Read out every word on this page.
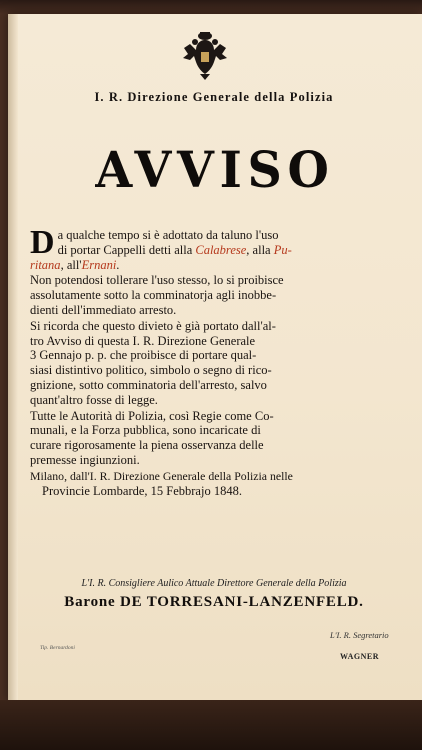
I. R. Direzione Generale della Polizia
AVVISO
D a qualche tempo si è adottato da taluno l'uso
di portar Cappelli detti alla Calabrese, alla Pu-
ritana, all'Ernani.
Non potendosi tollerare l'uso stesso, lo si proibisce
assolutamente sotto la comminatorja agli inobbe-
dienti dell'immediato arresto.
Si ricorda che questo divieto è già portato dall'al-
tro Avviso di questa I. R. Direzione Generale
3 Gennajo p. p. che proibisce di portare qual-
siasi distintivo politico, simbolo o segno di rico-
gnizione, sotto comminatoria dell'arresto, salvo
quant'altro fosse di legge.
Tutte le Autorità di Polizia, così Regie come Co-
munali, e la Forza pubblica, sono incaricate di
curare rigorosamente la piena osservanza delle
premesse ingiunzioni.
Milano, dall'I. R. Direzione Generale della Polizia nelle
Provincie Lombarde, 15 Febbrajo 1848.
L'I. R. Consigliere Aulico Attuale Direttore Generale della Polizia
Barone DE TORRESANI-LANZENFELD.
Tip. Bernardoni
L'I. R. Segretario
WAGNER
